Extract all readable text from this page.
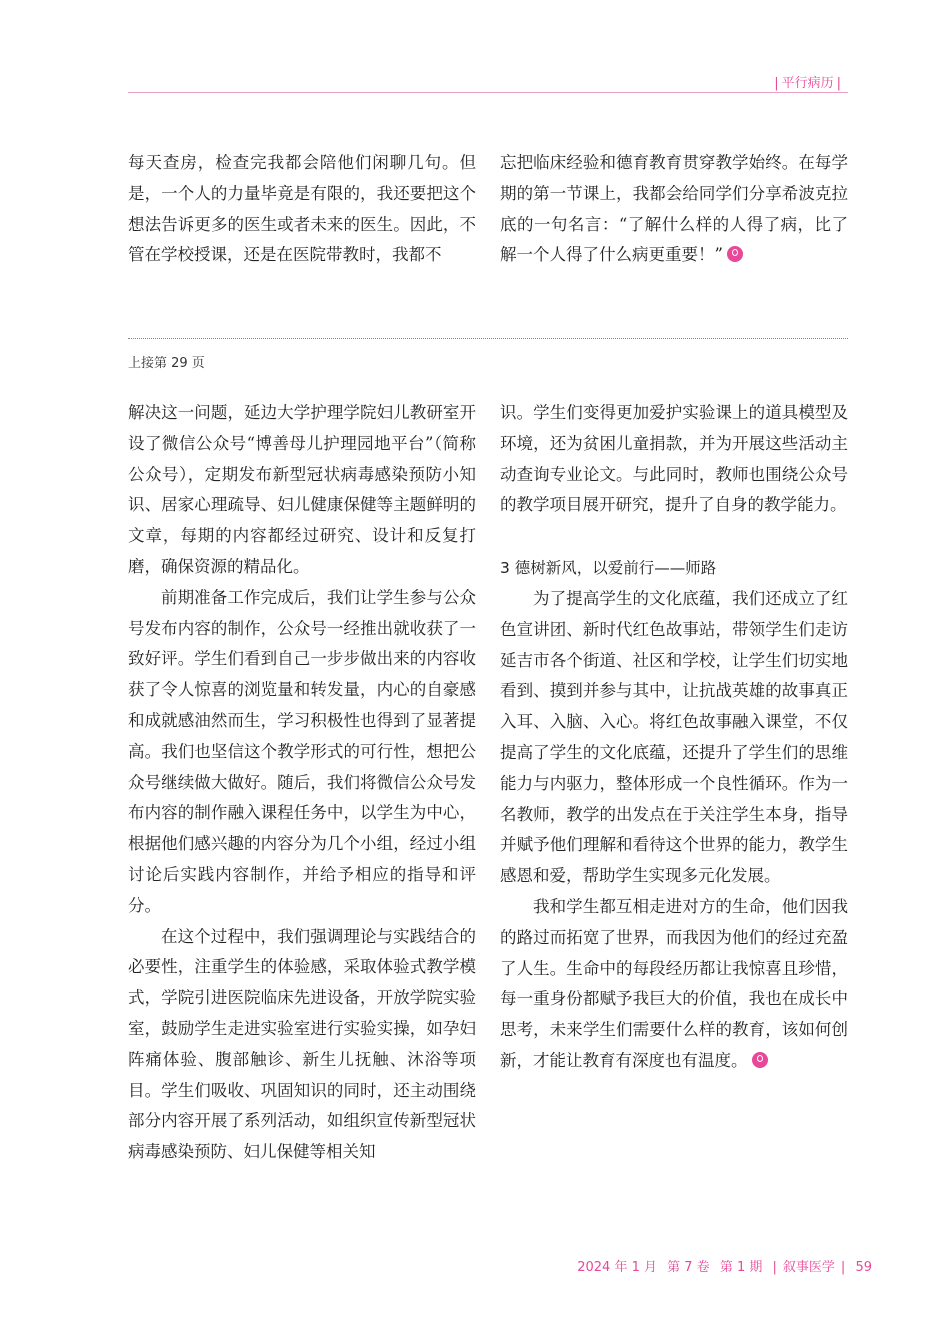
| 平行病历 |

每天查房，检查完我都会陪他们闲聊几句。但是，一个人的力量毕竟是有限的，我还要把这个想法告诉更多的医生或者未来的医生。因此，不管在学校授课，还是在医院带教时，我都不

忘把临床经验和德育教育贯穿教学始终。在每学期的第一节课上，我都会给同学们分享希波克拉底的一句名言：“了解什么样的人得了病，比了解一个人得了什么病更重要！”

上接第 29 页

解决这一问题，延边大学护理学院妇儿教研室开设了微信公众号“博善母儿护理园地平台”（简称公众号），定期发布新型冠状病毒感染预防小知识、居家心理疏导、妇儿健康保健等主题鲜明的文章，每期的内容都经过研究、设计和反复打磨，确保资源的精品化。

前期准备工作完成后，我们让学生参与公众号发布内容的制作，公众号一经推出就收获了一致好评。学生们看到自己一步步做出来的内容收获了令人惊喜的浏览量和转发量，内心的自豪感和成就感油然而生，学习积极性也得到了显著提高。我们也坚信这个教学形式的可行性，想把公众号继续做大做好。随后，我们将微信公众号发布内容的制作融入课程任务中，以学生为中心，根据他们感兴趣的内容分为几个小组，经过小组讨论后实践内容制作，并给予相应的指导和评分。

在这个过程中，我们强调理论与实践结合的必要性，注重学生的体验感，采取体验式教学模式，学院引进医院临床先进设备，开放学院实验室，鼓励学生走进实验室进行实验实操，如孕妇阵痛体验、腹部触诊、新生儿抚触、沐浴等项目。学生们吸收、巩固知识的同时，还主动围绕部分内容开展了系列活动，如组织宣传新型冠状病毒感染预防、妇儿保健等相关知

识。学生们变得更加爱护实验课上的道具模型及环境，还为贫困儿童捐款，并为开展这些活动主动查询专业论文。与此同时，教师也围绕公众号的教学项目展开研究，提升了自身的教学能力。

3 德树新风，以爱前行——师路

为了提高学生的文化底蕴，我们还成立了红色宣讲团、新时代红色故事站，带领学生们走访延吉市各个街道、社区和学校，让学生们切实地看到、摸到并参与其中，让抗战英雄的故事真正入耳、入脑、入心。将红色故事融入课堂，不仅提高了学生的文化底蕴，还提升了学生们的思维能力与内驱力，整体形成一个良性循环。作为一名教师，教学的出发点在于关注学生本身，指导并赋予他们理解和看待这个世界的能力，教学生感恩和爱，帮助学生实现多元化发展。

我和学生都互相走进对方的生命，他们因我的路过而拓宽了世界，而我因为他们的经过充盈了人生。生命中的每段经历都让我惊喜且珍惜，每一重身份都赋予我巨大的价值，我也在成长中思考，未来学生们需要什么样的教育，该如何创新，才能让教育有深度也有温度。

2024 年 1 月 第 7 卷 第 1 期 | 叙事医学 | 59
